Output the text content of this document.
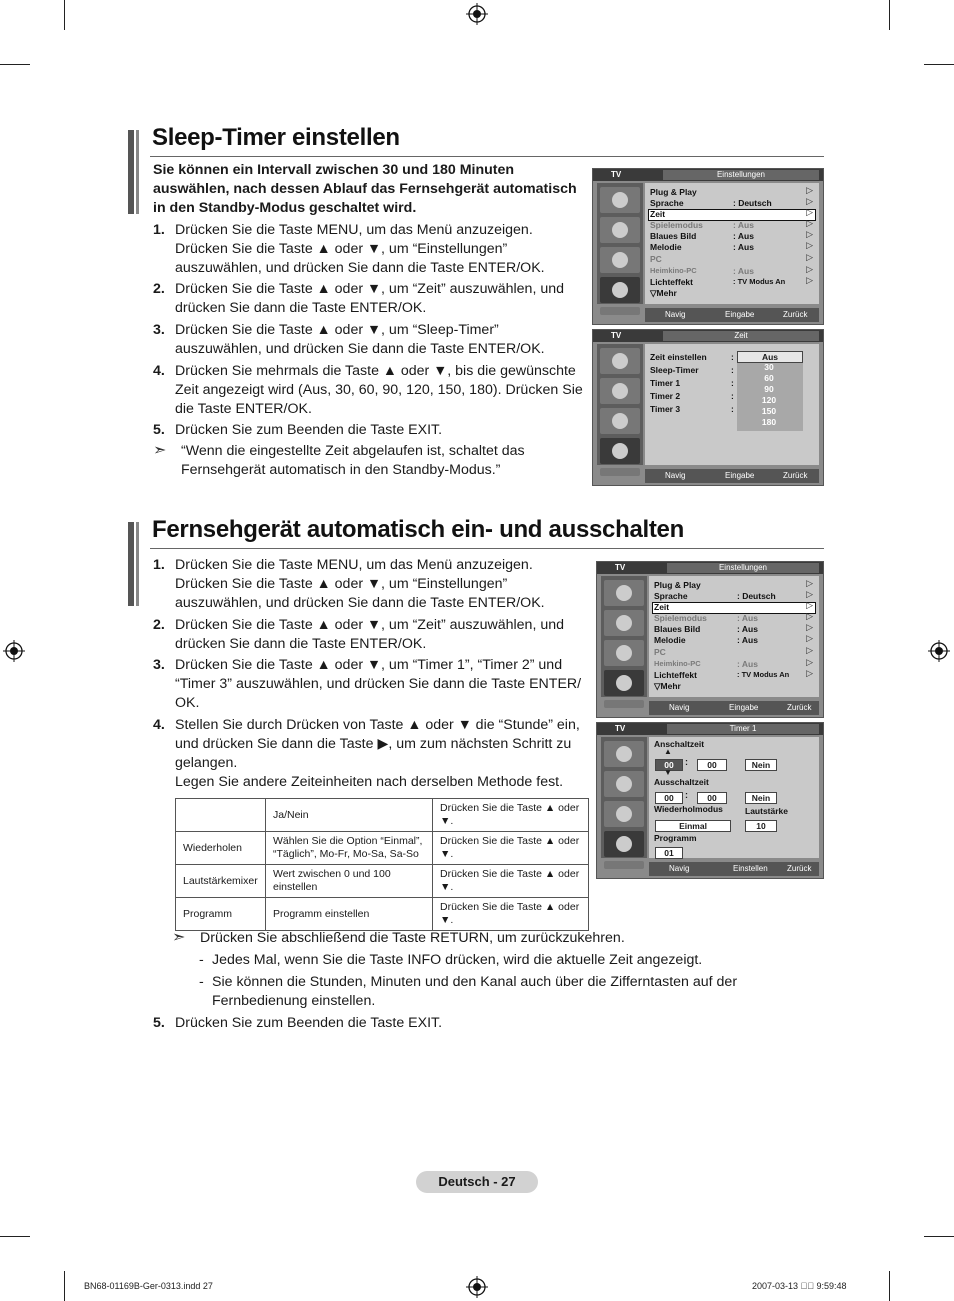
Sleep-Timer einstellen
Sie können ein Intervall zwischen 30 und 180 Minuten auswählen, nach dessen Ablauf das Fernsehgerät automatisch in den Standby-Modus geschaltet wird.
1. Drücken Sie die Taste MENU, um das Menü anzuzeigen. Drücken Sie die Taste ▲ oder ▼, um “Einstellungen” auszuwählen, und drücken Sie dann die Taste ENTER/OK.
2. Drücken Sie die Taste ▲ oder ▼, um “Zeit” auszuwählen, und drücken Sie dann die Taste ENTER/OK.
3. Drücken Sie die Taste ▲ oder ▼, um “Sleep-Timer” auszuwählen, und drücken Sie dann die Taste ENTER/OK.
4. Drücken Sie mehrmals die Taste ▲ oder ▼, bis die gewünschte Zeit angezeigt wird (Aus, 30, 60, 90, 120, 150, 180). Drücken Sie die Taste ENTER/OK.
5. Drücken Sie zum Beenden die Taste EXIT.
➣ “Wenn die eingestellte Zeit abgelaufen ist, schaltet das Fernsehgerät automatisch in den Standby-Modus.”
TV	Einstellungen
Plug & Play
Sprache	: Deutsch
Zeit
Spielemodus	: Aus
Blaues Bild	: Aus
Melodie	: Aus
PC
Heimkino-PC	: Aus
Lichteffekt	: TV Modus An
▽Mehr
▷
▷
▷
▷
▷
▷
▷
▷
▷
Navig	Eingabe	Zurück
TV	Zeit
Zeit einstellen	:
Sleep-Timer	:
Timer 1	:
Timer 2	:
Timer 3	:
Aus
30
60
90
120
150
180
Navig	Eingabe	Zurück
Fernsehgerät automatisch ein- und ausschalten
1. Drücken Sie die Taste MENU, um das Menü anzuzeigen. Drücken Sie die Taste ▲ oder ▼, um “Einstellungen” auszuwählen, und drücken Sie dann die Taste ENTER/OK.
2. Drücken Sie die Taste ▲ oder ▼, um “Zeit” auszuwählen, und drücken Sie dann die Taste ENTER/OK.
3. Drücken Sie die Taste ▲ oder ▼, um “Timer 1”, “Timer 2” und “Timer 3” auszuwählen, und drücken Sie dann die Taste ENTER/ OK.
4. Stellen Sie durch Drücken von Taste ▲ oder ▼ die “Stunde” ein, und drücken Sie dann die Taste ▶, um zum nächsten Schritt zu gelangen.
Legen Sie andere Zeiteinheiten nach derselben Methode fest.
	Ja/Nein	Drücken Sie die Taste ▲ oder ▼.
Wiederholen	Wählen Sie die Option “Einmal”, “Täglich”, Mo-Fr, Mo-Sa, Sa-So	Drücken Sie die Taste ▲ oder ▼.
Lautstärkemixer	Wert zwischen 0 und 100 einstellen	Drücken Sie die Taste ▲ oder ▼.
Programm	Programm einstellen	Drücken Sie die Taste ▲ oder ▼.
➣ Drücken Sie abschließend die Taste RETURN, um zurückzukehren.
- Jedes Mal, wenn Sie die Taste INFO drücken, wird die aktuelle Zeit angezeigt.
- Sie können die Stunden, Minuten und den Kanal auch über die Zifferntasten auf der Fernbedienung einstellen.
5. Drücken Sie zum Beenden die Taste EXIT.
TV	Einstellungen
Plug & Play
Sprache	: Deutsch
Zeit
Spielemodus	: Aus
Blaues Bild	: Aus
Melodie	: Aus
PC
Heimkino-PC	: Aus
Lichteffekt	: TV Modus An
▽Mehr
▷
▷
▷
▷
▷
▷
▷
▷
▷
Navig	Eingabe	Zurück
TV	Timer 1
Anschaltzeit
▲
00	:	00	Nein
▼
Ausschaltzeit
00	:	00	Nein
Wiederholmodus	Lautstärke
Einmal	10
Programm
01
Navig	Einstellen Zurück
Deutsch - 27
BN68-01169B-Ger-0313.indd 27	2007-03-13 ￿￿ 9:59:48
